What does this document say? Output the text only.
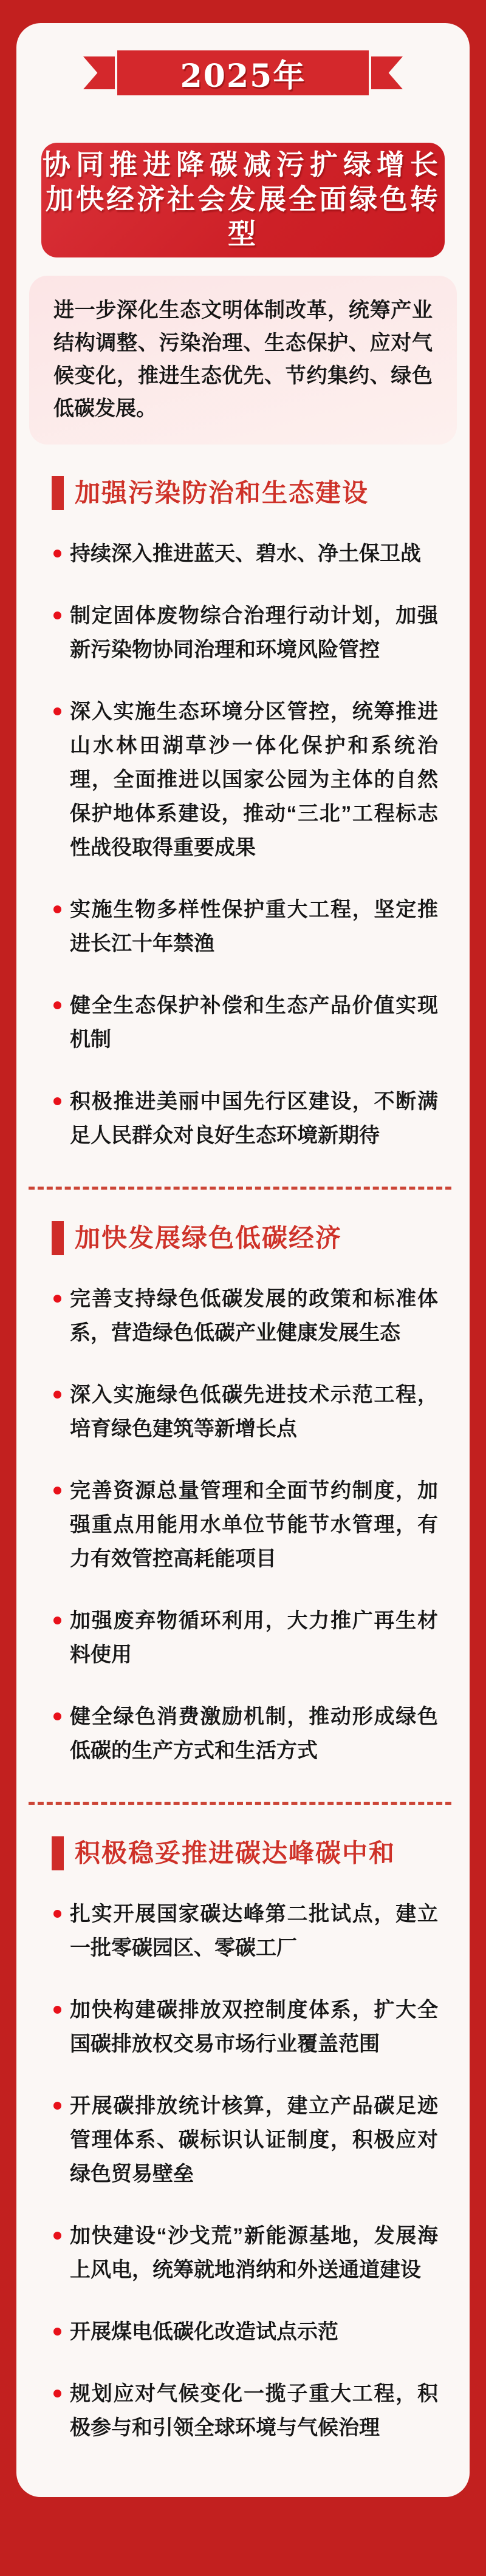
2025年
协同推进降碳减污扩绿增长
加快经济社会发展全面绿色转型
进一步深化生态文明体制改革，统筹产业结构调整、污染治理、生态保护、应对气候变化，推进生态优先、节约集约、绿色低碳发展。
加强污染防治和生态建设
持续深入推进蓝天、碧水、净土保卫战
制定固体废物综合治理行动计划，加强新污染物协同治理和环境风险管控
深入实施生态环境分区管控，统筹推进山水林田湖草沙一体化保护和系统治理，全面推进以国家公园为主体的自然保护地体系建设，推动“三北”工程标志性战役取得重要成果
实施生物多样性保护重大工程，坚定推进长江十年禁渔
健全生态保护补偿和生态产品价值实现机制
积极推进美丽中国先行区建设，不断满足人民群众对良好生态环境新期待
加快发展绿色低碳经济
完善支持绿色低碳发展的政策和标准体系，营造绿色低碳产业健康发展生态
深入实施绿色低碳先进技术示范工程，培育绿色建筑等新增长点
完善资源总量管理和全面节约制度，加强重点用能用水单位节能节水管理，有力有效管控高耗能项目
加强废弃物循环利用，大力推广再生材料使用
健全绿色消费激励机制，推动形成绿色低碳的生产方式和生活方式
积极稳妥推进碳达峰碳中和
扎实开展国家碳达峰第二批试点，建立一批零碳园区、零碳工厂
加快构建碳排放双控制度体系，扩大全国碳排放权交易市场行业覆盖范围
开展碳排放统计核算，建立产品碳足迹管理体系、碳标识认证制度，积极应对绿色贸易壁垒
加快建设“沙戈荒”新能源基地，发展海上风电，统筹就地消纳和外送通道建设
开展煤电低碳化改造试点示范
规划应对气候变化一揽子重大工程，积极参与和引领全球环境与气候治理
